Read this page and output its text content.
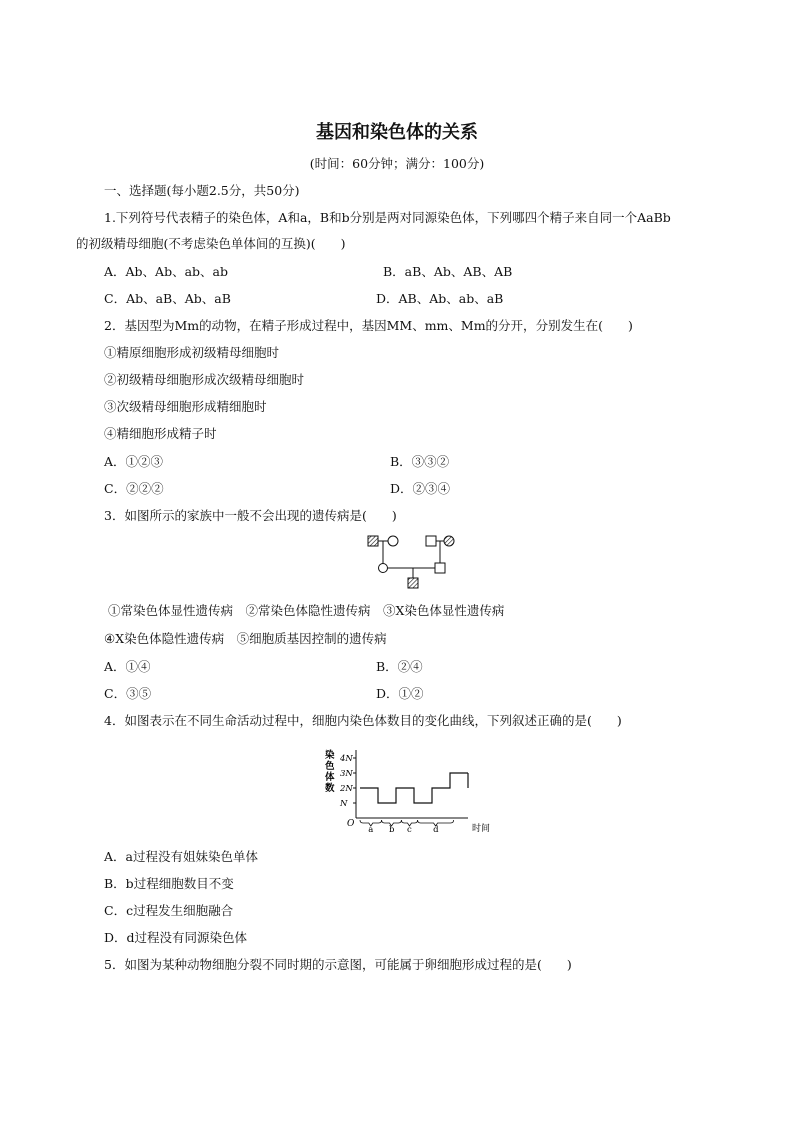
基因和染色体的关系
(时间：60分钟；满分：100分)
一、选择题(每小题2.5分，共50分)
1.下列符号代表精子的染色体，A和a，B和b分别是两对同源染色体，下列哪四个精子来自同一个AaBb
的初级精母细胞(不考虑染色单体间的互换)(　　)
A．Ab、Ab、ab、ab	B．aB、Ab、AB、AB
C．Ab、aB、Ab、aB	D．AB、Ab、ab、aB
2．基因型为Mm的动物，在精子形成过程中，基因MM、mm、Mm的分开，分别发生在(　　)
①精原细胞形成初级精母细胞时
②初级精母细胞形成次级精母细胞时
③次级精母细胞形成精细胞时
④精细胞形成精子时
A．①②③	B．③③②
C．②②②	D．②③④
3．如图所示的家族中一般不会出现的遗传病是(　　)
①常染色体显性遗传病　②常染色体隐性遗传病　③X染色体显性遗传病
④X染色体隐性遗传病　⑤细胞质基因控制的遗传病
A．①④	B．②④
C．③⑤	D．①②
4．如图表示在不同生命活动过程中，细胞内染色体数目的变化曲线，下列叙述正确的是(　　)
染色体数
O
4N
3N
2N
N
a b c	d	时间
A．a过程没有姐妹染色单体
B．b过程细胞数目不变
C．c过程发生细胞融合
D．d过程没有同源染色体
5．如图为某种动物细胞分裂不同时期的示意图，可能属于卵细胞形成过程的是(　　)
